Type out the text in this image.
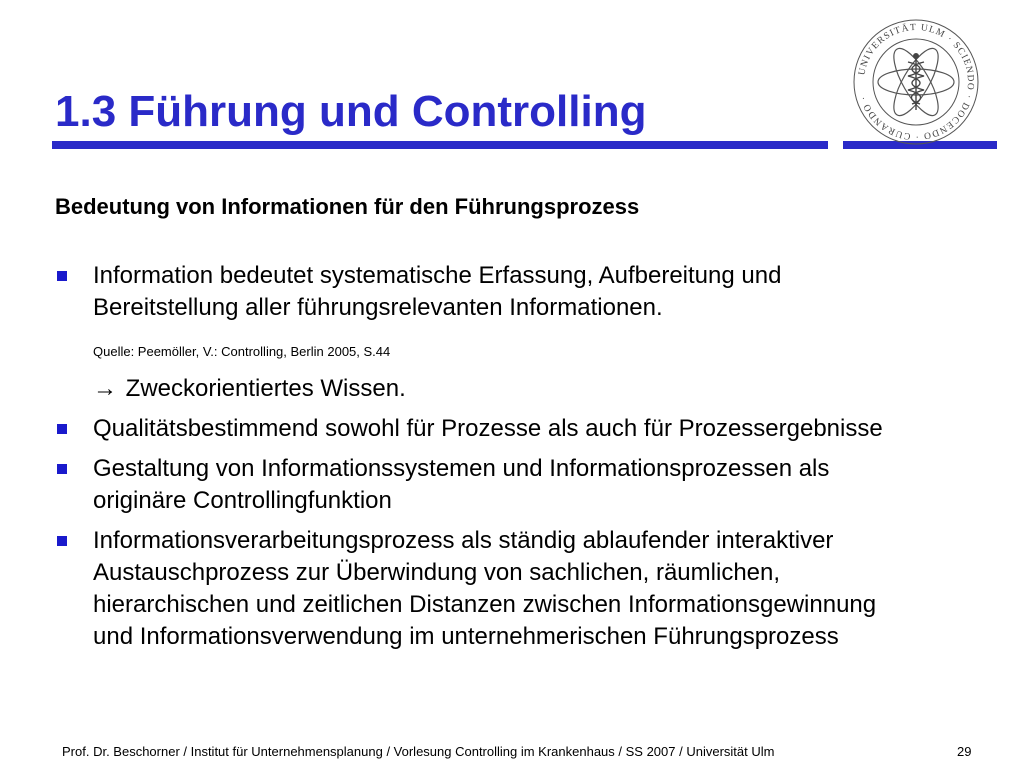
1.3 Führung und Controlling
UNIVERSITÄT ULM · SCIENDO · DOCENDO · CURANDO ·
Bedeutung von Informationen für den Führungsprozess
Information bedeutet systematische Erfassung, Aufbereitung und
Bereitstellung aller führungsrelevanten Informationen.
Quelle: Peemöller, V.: Controlling, Berlin 2005, S.44
→ Zweckorientiertes Wissen.
Qualitätsbestimmend sowohl für Prozesse als auch für Prozessergebnisse
Gestaltung von Informationssystemen und Informationsprozessen als
originäre Controllingfunktion
Informationsverarbeitungsprozess als ständig ablaufender interaktiver
Austauschprozess zur Überwindung von sachlichen, räumlichen,
hierarchischen und zeitlichen Distanzen zwischen Informationsgewinnung
und Informationsverwendung im unternehmerischen Führungsprozess
Prof. Dr. Beschorner / Institut für Unternehmensplanung / Vorlesung Controlling im Krankenhaus / SS 2007 / Universität Ulm	29
